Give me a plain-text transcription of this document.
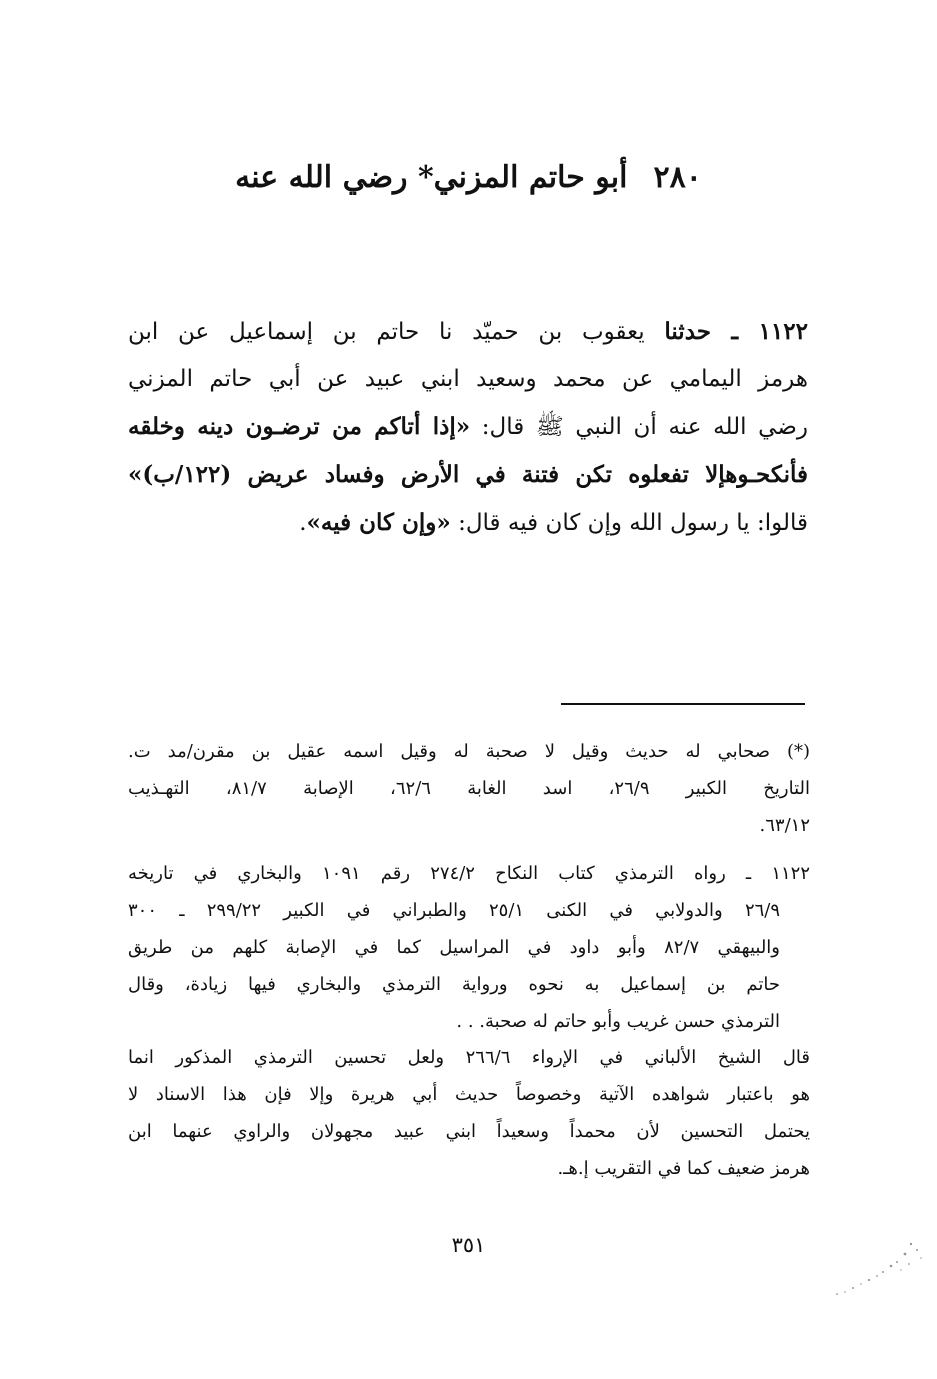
٢٨٠أبو حاتم المزني* رضي الله عنه
١١٢٢ ـ حدثنا يعقوب بن حميّد نا حاتم بن إسماعيل عن ابن
هرمز اليمامي عن محمد وسعيد ابني عبيد عن أبي حاتم المزني
رضي الله عنه أن النبي ﷺ قال: «إذا أتاكم من ترضـون دينه وخلقه
فأنكحـوهإلا تفعلوه تكن فتنة في الأرض وفساد عريض (١٢٢/ب)»
قالوا: يا رسول الله وإن كان فيه قال: «وإن كان فيه».
(*) صحابي له حديث وقيل لا صحبة له وقيل اسمه عقيل بن مقرن/مد ت.
التاريخ الكبير ٢٦/٩، اسد الغابة ٦٢/٦، الإصابة ٨١/٧، التهـذيب
٦٣/١٢.
١١٢٢ ـ رواه الترمذي كتاب النكاح ٢٧٤/٢ رقم ١٠٩١ والبخاري في تاريخه
٢٦/٩ والدولابي في الكنى ٢٥/١ والطبراني في الكبير ٢٩٩/٢٢ ـ ٣٠٠
والبيهقي ٨٢/٧ وأبو داود في المراسيل كما في الإصابة كلهم من طريق
حاتم بن إسماعيل به نحوه ورواية الترمذي والبخاري فيها زيادة، وقال
الترمذي حسن غريب وأبو حاتم له صحبة. . .
قال الشيخ الألباني في الإرواء ٢٦٦/٦ ولعل تحسين الترمذي المذكور انما
هو باعتبار شواهده الآتية وخصوصاً حديث أبي هريرة وإلا فإن هذا الاسناد لا
يحتمل التحسين لأن محمداً وسعيداً ابني عبيد مجهولان والراوي عنهما ابن
هرمز ضعيف كما في التقريب إ.هـ.
٣٥١
